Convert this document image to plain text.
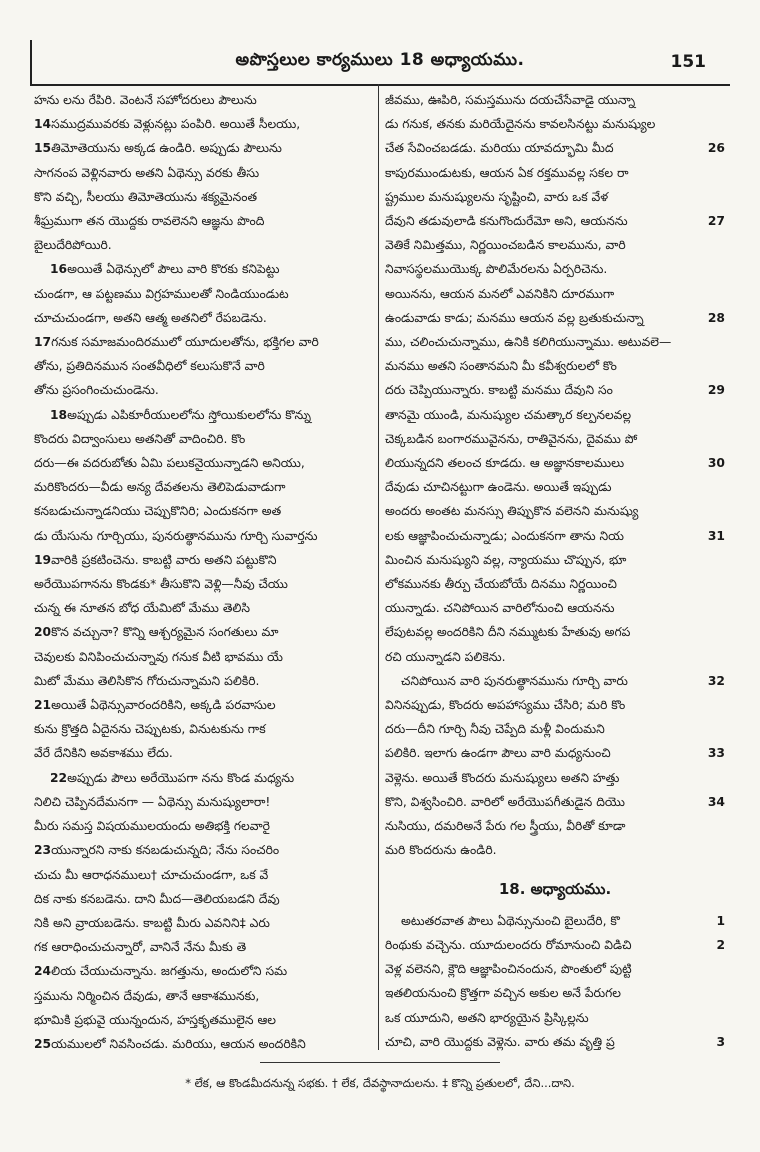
అపొస్తలుల కార్యములు 18 అధ్యాయము.	151
హను లను రేపిరి. వెంటనే సహోదరులు పౌలును
14సముద్రమువరకు వెళ్లునట్లు పంపిరి. అయితే సీలయు,
15తిమోతెయును అక్కడ ఉండిరి. అప్పుడు పౌలును
సాగనంప వెళ్లినవారు అతని ఏథెన్సు వరకు తీసు
కొని వచ్చి, సీలయు తిమోతెయును శక్యమైనంత
శీఘ్రముగా తన యొద్దకు రావలెనని ఆజ్ఞను పొంది
బైలుదేరిపోయిరి.
16అయితే ఏథెన్సులో పౌలు వారి కొరకు కనిపెట్టు
చుండగా, ఆ పట్టణము విగ్రహములతో నిండియుండుట
చూచుచుండగా, అతని ఆత్మ అతనిలో రేపబడెను.
17గనుక సమాజమందిరములో యూదులతోను, భక్తిగల వారి
తోను, ప్రతిదినమున సంతవీధిలో కలుసుకొనే వారి
తోను ప్రసంగించుచుండెను.
18అప్పుడు ఎపికూరీయులలోను స్తోయికులలోను కొన్ను
కొందరు విద్వాంసులు అతనితో వాదించిరి. కొం
దరు—ఈ వదరుబోతు ఏమి పలుకనైయున్నాడని అనియు,
మరికొందరు—వీడు అన్య దేవతలను తెలిపెడువాడుగా
కనబడుచున్నాడనియు చెప్పుకొనిరి; ఎందుకనగా అత
డు యేసును గూర్చియు, పునరుత్థానమును గూర్చి సువార్తను
19వారికి ప్రకటించెను. కాబట్టి వారు అతని పట్టుకొని
అరేయొపగానను కొండకు* తీసుకొని వెళ్లి—నీవు చేయు
చున్న ఈ నూతన బోధ యేమిటో మేము తెలిసి
20కొన వచ్చునా? కొన్ని ఆశ్చర్యమైన సంగతులు మా
చెవులకు వినిపించుచున్నావు గనుక వీటి భావము యే
మిటో మేము తెలిసికొన గోరుచున్నామని పలికిరి.
21అయితే ఏథెన్సువారందరికిని, అక్కడి పరవాసుల
కును క్రొత్తది ఏదైనను చెప్పుటకు, వినుటకును గాక
వేరే దేనికిని అవకాశము లేదు.
22అప్పుడు పౌలు అరేయొపగా నను కొండ మధ్యను
నిలిచి చెప్పినదేమనగా — ఏథెన్సు మనుష్యులారా!
మీరు సమస్త విషయములయందు అతిభక్తి గలవారై
23యున్నారని నాకు కనబడుచున్నది; నేను సంచరిం
చుచు మీ ఆరాధనములు† చూచుచుండగా, ఒక వే
దిక నాకు కనబడెను. దాని మీద—తెలియబడని దేవు
నికి అని వ్రాయబడెను. కాబట్టి మీరు ఎవనిని‡ ఎరు
గక ఆరాధించుచున్నారో, వానినే నేను మీకు తె
24లియ చేయుచున్నాను. జగత్తును, అందులోని సమ
స్తమును నిర్మించిన దేవుడు, తానే ఆకాశమునకు,
భూమికి ప్రభువై యున్నందున, హస్తకృతములైన ఆల
25యములలో నివసించడు. మరియు, ఆయన అందరికిని
జీవము, ఊపిరి, సమస్తమును దయచేసేవాడై యున్నా
డు గనుక, తనకు మరియేదైనను కావలసినట్టు మనుష్యుల
26
చేత సేవించబడడు. మరియు యావద్భూమి మీద
కాపురముండుటకు, ఆయన ఏక రక్తమువల్ల సకల రా
ష్ట్రముల మనుష్యులను సృష్టించి, వారు ఒక వేళ
27
దేవుని తడువులాడి కనుగొందురేమో అని, ఆయనను
వెతికే నిమిత్తము, నిర్ణయించబడిన కాలమును, వారి
నివాసస్థలముయొక్క పొలిమేరలను ఏర్పరిచెను.
అయినను, ఆయన మనలో ఎవనికిని దూరముగా
28
ఉండువాడు కాడు; మనము ఆయన వల్ల బ్రతుకుచున్నా
ము, చలించుచున్నాము, ఉనికి కలిగియున్నాము. అటువలె—
మనము అతని సంతానమని మీ కవీశ్వరులలో కొం
29
దరు చెప్పియున్నారు. కాబట్టి మనము దేవుని సం
తానమై యుండి, మనుష్యుల చమత్కార కల్పనలవల్ల
చెక్కబడిన బంగారమువైనను, రాతివైనను, దైవము పో
30
లియున్నదని తలంచ కూడదు. ఆ అజ్ఞానకాలములు
దేవుడు చూచినట్టుగా ఉండెను. అయితే ఇప్పుడు
అందరు అంతట మనస్సు తిప్పుకొన వలెనని మనుష్యు
31
లకు ఆజ్ఞాపించుచున్నాడు; ఎందుకనగా తాను నియ
మించిన మనుష్యుని వల్ల, న్యాయము చొప్పున, భూ
లోకమునకు తీర్పు చేయబోయే దినము నిర్ణయించి
యున్నాడు. చనిపోయిన వారిలోనుంచి ఆయనను
లేపుటవల్ల అందరికిని దీని నమ్ముటకు హేతువు అగప
రచి యున్నాడని పలికెను.
32
చనిపోయిన వారి పునరుత్థానమును గూర్చి వారు
వినినప్పుడు, కొందరు అపహాస్యము చేసిరి; మరి కొం
దరు—దీని గూర్చి నీవు చెప్పేది మళ్లీ విందుమని
33
పలికిరి. ఇలాగు ఉండగా పౌలు వారి మధ్యనుంచి
వెళ్లెను. అయితే కొందరు మనుష్యులు అతని హత్తు
34
కొని, విశ్వసించిరి. వారిలో అరేయొపగీతుడైన దియొ
నుసియు, దమరిఅనే పేరు గల స్త్రీయు, వీరితో కూడా
మరి కొందరును ఉండిరి.
18. అధ్యాయము.
1
అటుతరవాత పౌలు ఏథెన్సునుంచి బైలుదేరి, కొ
2
రింథుకు వచ్చెను. యూదులందరు రోమానుంచి విడిచి
వెళ్ల వలెనని, క్లౌది ఆజ్ఞాపించినందున, పొంతులో పుట్టి
ఇతలియనుంచి క్రొత్తగా వచ్చిన అకుల అనే పేరుగల
ఒక యూదుని, అతని భార్యయైన ప్రిస్కిల్లను
3
చూచి, వారి యొద్దకు వెళ్లెను. వారు తమ వృత్తి ప్ర
* లేక, ఆ కొండమీదనున్న సభకు. † లేక, దేవస్థానాదులను. ‡ కొన్ని ప్రతులలో, దేని...దాని.
